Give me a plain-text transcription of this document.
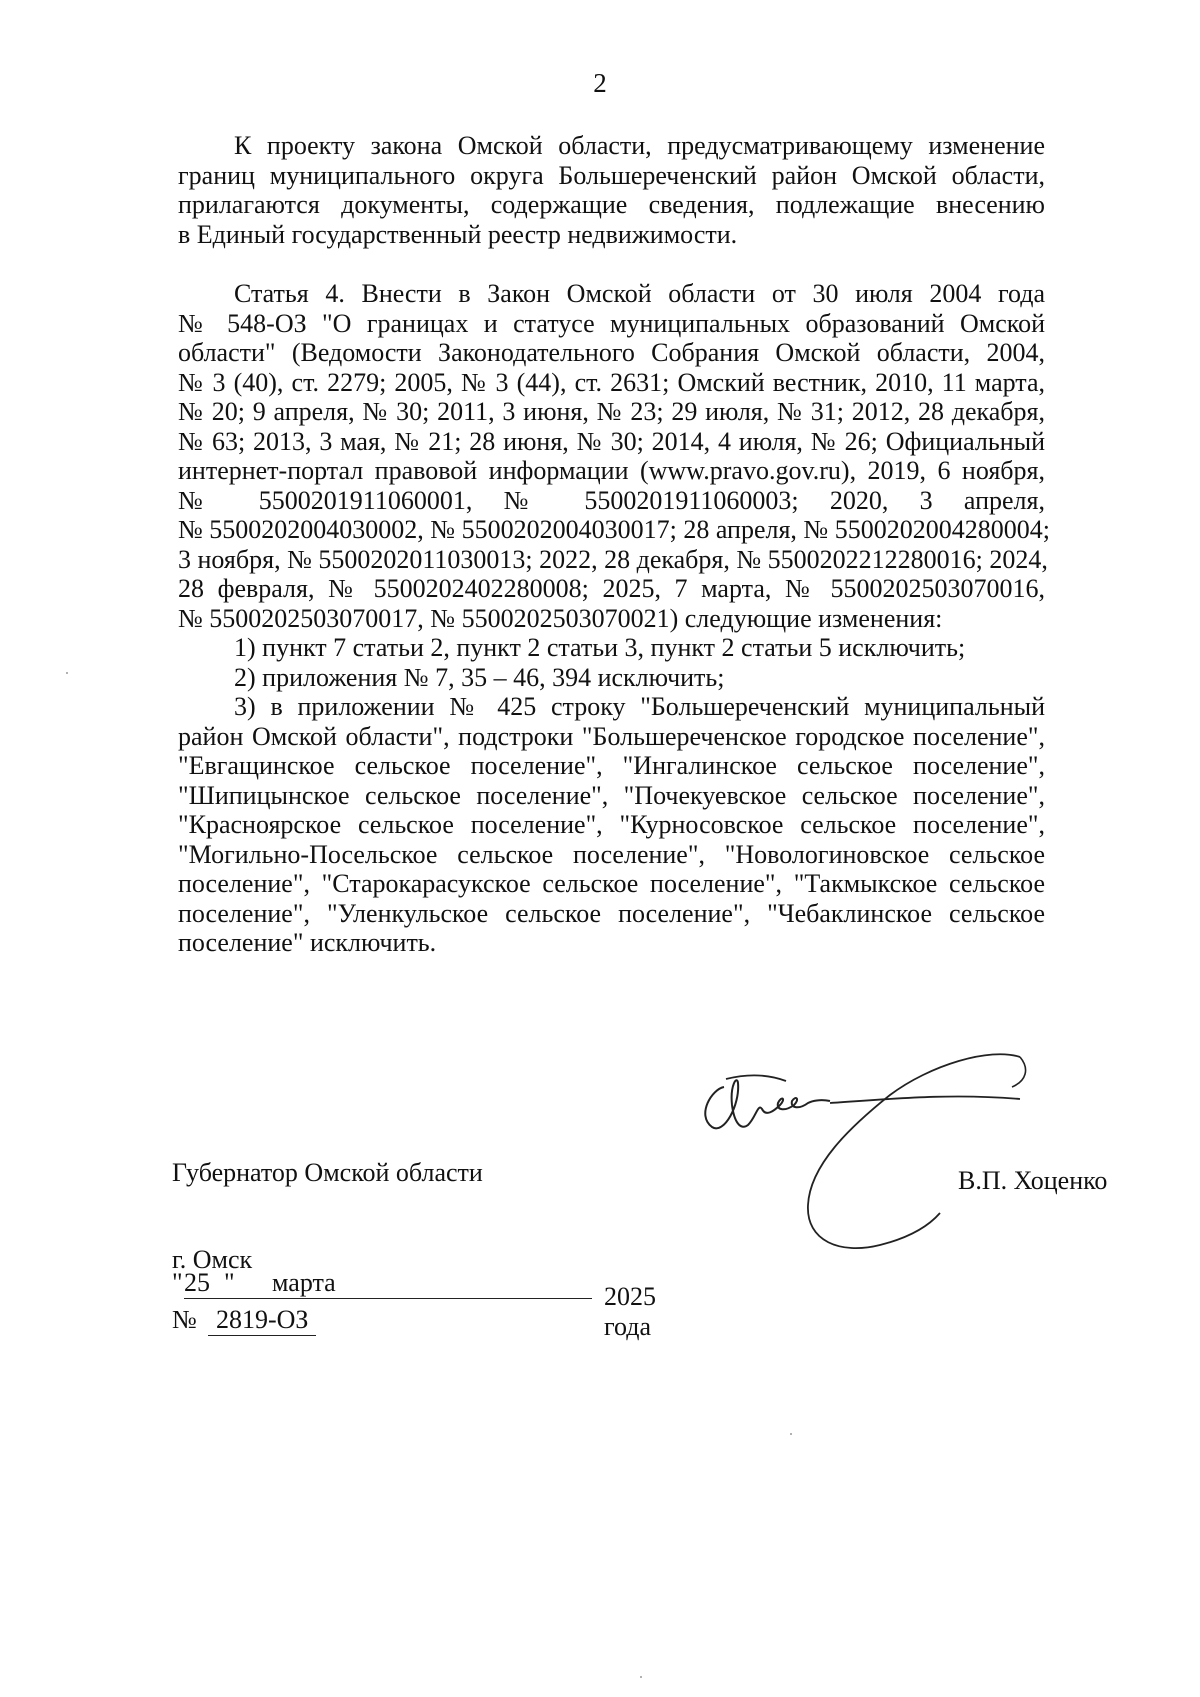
2
К проекту закона Омской области, предусматривающему изменение
границ муниципального округа Большереченский район Омской области,
прилагаются документы, содержащие сведения, подлежащие внесению
в Единый государственный реестр недвижимости.
Статья 4. Внести в Закон Омской области от 30 июля 2004 года
№ 548-ОЗ "О границах и статусе муниципальных образований Омской
области" (Ведомости Законодательного Собрания Омской области, 2004,
№ 3 (40), ст. 2279; 2005, № 3 (44), ст. 2631; Омский вестник, 2010, 11 марта,
№ 20; 9 апреля, № 30; 2011, 3 июня, № 23; 29 июля, № 31; 2012, 28 декабря,
№ 63; 2013, 3 мая, № 21; 28 июня, № 30; 2014, 4 июля, № 26; Официальный
интернет-портал правовой информации (www.pravo.gov.ru), 2019, 6 ноября,
№ 5500201911060001, № 5500201911060003; 2020, 3 апреля,
№ 5500202004030002, № 5500202004030017; 28 апреля, № 5500202004280004;
3 ноября, № 5500202011030013; 2022, 28 декабря, № 5500202212280016; 2024,
28 февраля, № 5500202402280008; 2025, 7 марта, № 5500202503070016,
№ 5500202503070017, № 5500202503070021) следующие изменения:
1) пункт 7 статьи 2, пункт 2 статьи 3, пункт 2 статьи 5 исключить;
2) приложения № 7, 35 – 46, 394 исключить;
3) в приложении № 425 строку "Большереченский муниципальный
район Омской области", подстроки "Большереченское городское поселение",
"Евгащинское сельское поселение", "Ингалинское сельское поселение",
"Шипицынское сельское поселение", "Почекуевское сельское поселение",
"Красноярское сельское поселение", "Курносовское сельское поселение",
"Могильно-Посельское сельское поселение", "Новологиновское сельское
поселение", "Старокарасукское сельское поселение", "Такмыкское сельское
поселение", "Уленкульское сельское поселение", "Чебаклинское сельское
поселение" исключить.
Губернатор Омской области	В.П. Хоценко
г. Омск
" 25 " марта	2025 года
№ 2819-ОЗ
